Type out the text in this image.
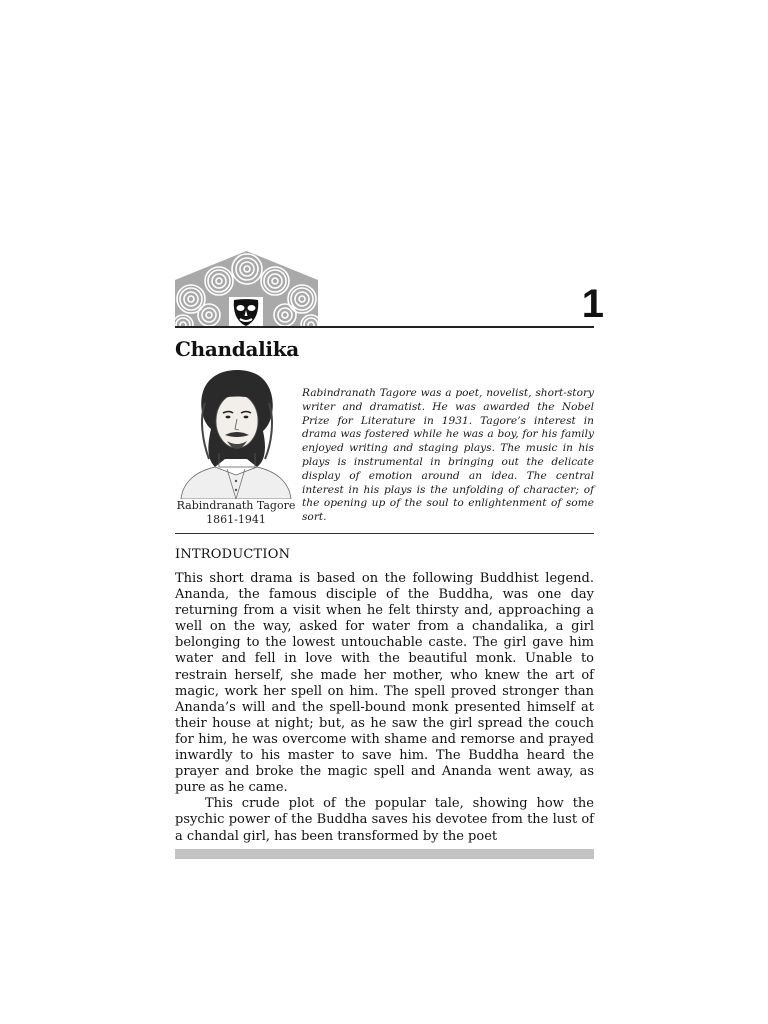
1
Chandalika
Rabindranath Tagore
1861-1941

Rabindranath Tagore was a poet, novelist, short-story writer and dramatist. He was awarded the Nobel Prize for Literature in 1931. Tagore’s interest in drama was fostered while he was a boy, for his family enjoyed writing and staging plays. The music in his plays is instrumental in bringing out the delicate display of emotion around an idea. The central interest in his plays is the unfolding of character; of the opening up of the soul to enlightenment of some sort.

INTRODUCTION

This short drama is based on the following Buddhist legend. Ananda, the famous disciple of the Buddha, was one day returning from a visit when he felt thirsty and, approaching a well on the way, asked for water from a chandalika, a girl belonging to the lowest untouchable caste. The girl gave him water and fell in love with the beautiful monk. Unable to restrain herself, she made her mother, who knew the art of magic, work her spell on him. The spell proved stronger than Ananda’s will and the spell-bound monk presented himself at their house at night; but, as he saw the girl spread the couch for him, he was overcome with shame and remorse and prayed inwardly to his master to save him. The Buddha heard the prayer and broke the magic spell and Ananda went away, as pure as he came.

This crude plot of the popular tale, showing how the psychic power of the Buddha saves his devotee from the lust of a chandal girl, has been transformed by the poet
